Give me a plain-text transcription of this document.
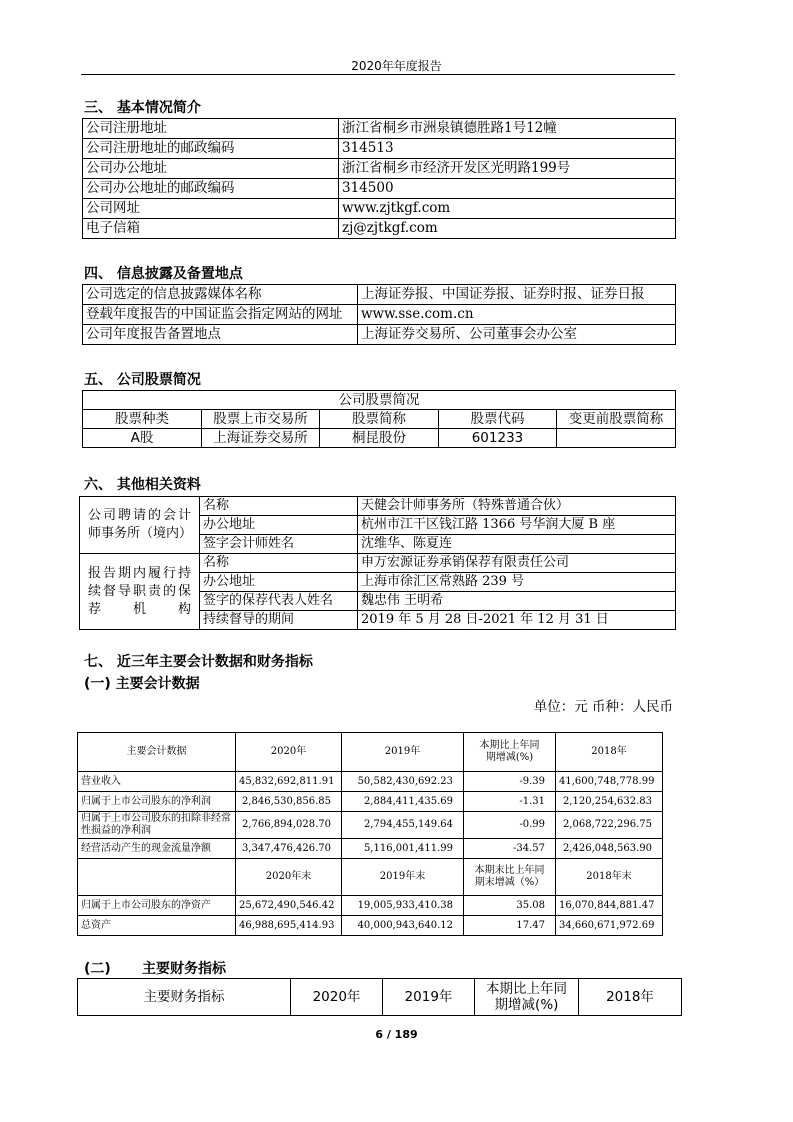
2020年年度报告
三、 基本情况简介
公司注册地址	浙江省桐乡市洲泉镇德胜路1号12幢
公司注册地址的邮政编码	314513
公司办公地址	浙江省桐乡市经济开发区光明路199号
公司办公地址的邮政编码	314500
公司网址	www.zjtkgf.com
电子信箱	zj@zjtkgf.com
四、 信息披露及备置地点
公司选定的信息披露媒体名称	上海证券报、中国证券报、证券时报、证券日报
登载年度报告的中国证监会指定网站的网址	www.sse.com.cn
公司年度报告备置地点	上海证券交易所、公司董事会办公室
五、 公司股票简况
公司股票简况				
股票种类	股票上市交易所	股票简称	股票代码	变更前股票简称
A股	上海证券交易所	桐昆股份	601233	
六、 其他相关资料
公司聘请的会计师事务所（境内）	名称	天健会计师事务所（特殊普通合伙）
	办公地址	杭州市江干区钱江路 1366 号华润大厦 B 座
	签字会计师姓名	沈维华、陈夏连
报告期内履行持续督导职责的保荐机构	名称	申万宏源证券承销保荐有限责任公司
	办公地址	上海市徐汇区常熟路 239 号
	签字的保荐代表人姓名	魏忠伟 王明希
	持续督导的期间	2019 年 5 月 28 日-2021 年 12 月 31 日
七、 近三年主要会计数据和财务指标
(一) 主要会计数据
单位：元 币种：人民币
主要会计数据	2020年	2019年	本期比上年同期增减(%)	2018年
营业收入	45,832,692,811.91	50,582,430,692.23	-9.39	41,600,748,778.99
归属于上市公司股东的净利润	2,846,530,856.85	2,884,411,435.69	-1.31	2,120,254,632.83
归属于上市公司股东的扣除非经常性损益的净利润	2,766,894,028.70	2,794,455,149.64	-0.99	2,068,722,296.75
经营活动产生的现金流量净额	3,347,476,426.70	5,116,001,411.99	-34.57	2,426,048,563.90
	2020年末	2019年末	本期末比上年同期末增减（%）	2018年末
归属于上市公司股东的净资产	25,672,490,546.42	19,005,933,410.38	35.08	16,070,844,881.47
总资产	46,988,695,414.93	40,000,943,640.12	17.47	34,660,671,972.69
(二) 主要财务指标
主要财务指标	2020年	2019年	本期比上年同期增减(%)	2018年
6 / 189
